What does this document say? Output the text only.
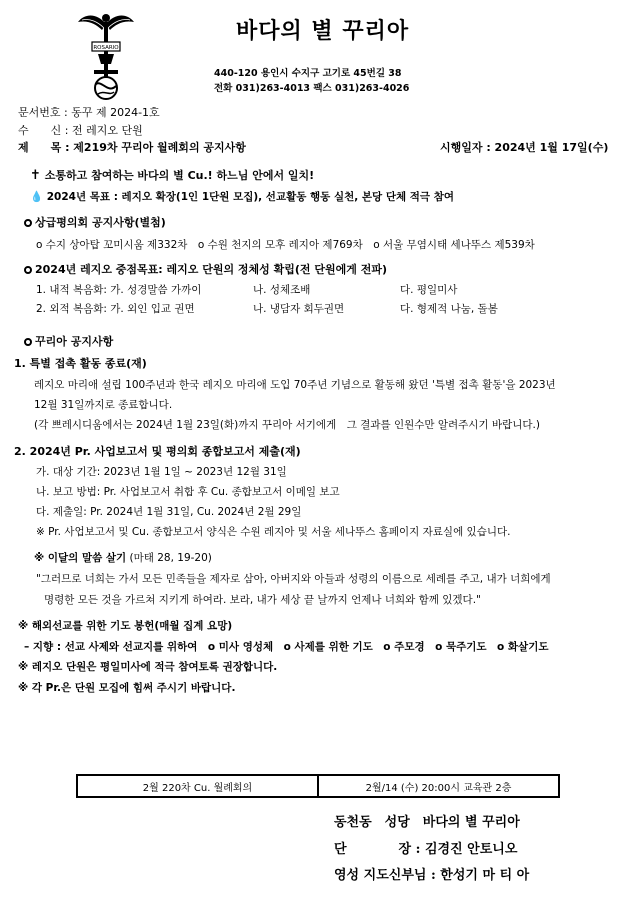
ROSARIO
바다의 별 꾸리아
440-120 용인시 수지구 고기로 45번길 38
전화 031)263-4013 팩스 031)263-4026
문서번호 : 동꾸 제 2024-1호
수　　신 : 전 레지오 단원
제　　목 : 제219차 꾸리아 월례회의 공지사항	시행일자 : 2024년 1월 17일(수)
✝ 소통하고 참여하는 바다의 별 Cu.! 하느님 안에서 일치!
💧 2024년 목표 : 레지오 확장(1인 1단원 모집), 선교활동 행동 실천, 본당 단체 적극 참여
상급평의회 공지사항(별첨)
o 수지 상아탑 꼬미시움 제332차　o 수원 천지의 모후 레지아 제769차　o 서울 무염시태 세나뚜스 제539차
2024년 레지오 중점목표: 레지오 단원의 정체성 확립(전 단원에게 전파)
1. 내적 복음화: 가. 성경말씀 가까이	나. 성체조배	다. 평일미사
2. 외적 복음화: 가. 외인 입교 권면	나. 냉담자 회두권면	다. 형제적 나눔, 돌봄
꾸리아 공지사항
1. 특별 접촉 활동 종료(재)
레지오 마리애 설립 100주년과 한국 레지오 마리애 도입 70주년 기념으로 활동해 왔던 '특별 접촉 활동'을 2023년
12월 31일까지로 종료합니다.
(각 쁘레시디움에서는 2024년 1월 23일(화)까지 꾸리아 서기에게　그 결과를 인원수만 알려주시기 바랍니다.)
2. 2024년 Pr. 사업보고서 및 평의회 종합보고서 제출(재)
가. 대상 기간: 2023년 1월 1일 ~ 2023년 12월 31일
나. 보고 방법: Pr. 사업보고서 취합 후 Cu. 종합보고서 이메일 보고
다. 제출일: Pr. 2024년 1월 31일, Cu. 2024년 2월 29일
※ Pr. 사업보고서 및 Cu. 종합보고서 양식은 수원 레지아 및 서울 세나뚜스 홈페이지 자료실에 있습니다.
※ 이달의 말씀 살기 (마태 28, 19-20)
"그러므로 너희는 가서 모든 민족들을 제자로 삼아, 아버지와 아들과 성령의 이름으로 세례를 주고, 내가 너희에게
명령한 모든 것을 가르쳐 지키게 하여라. 보라, 내가 세상 끝 날까지 언제나 너희와 함께 있겠다."
※ 해외선교를 위한 기도 봉헌(매월 집계 요망)
– 지향 : 선교 사제와 선교지를 위하여　o 미사 영성체　o 사제를 위한 기도　o 주모경　o 묵주기도　o 화살기도
※ 레지오 단원은 평일미사에 적극 참여토록 권장합니다.
※ 각 Pr.은 단원 모집에 힘써 주시기 바랍니다.
2월 220차 Cu. 월례회의	2월/14 (수) 20:00시 교육관 2층
동천동　성당　바다의 별 꾸리아
단　　　　장 : 김경진 안토니오
영성 지도신부님 : 한성기 마 티 아
